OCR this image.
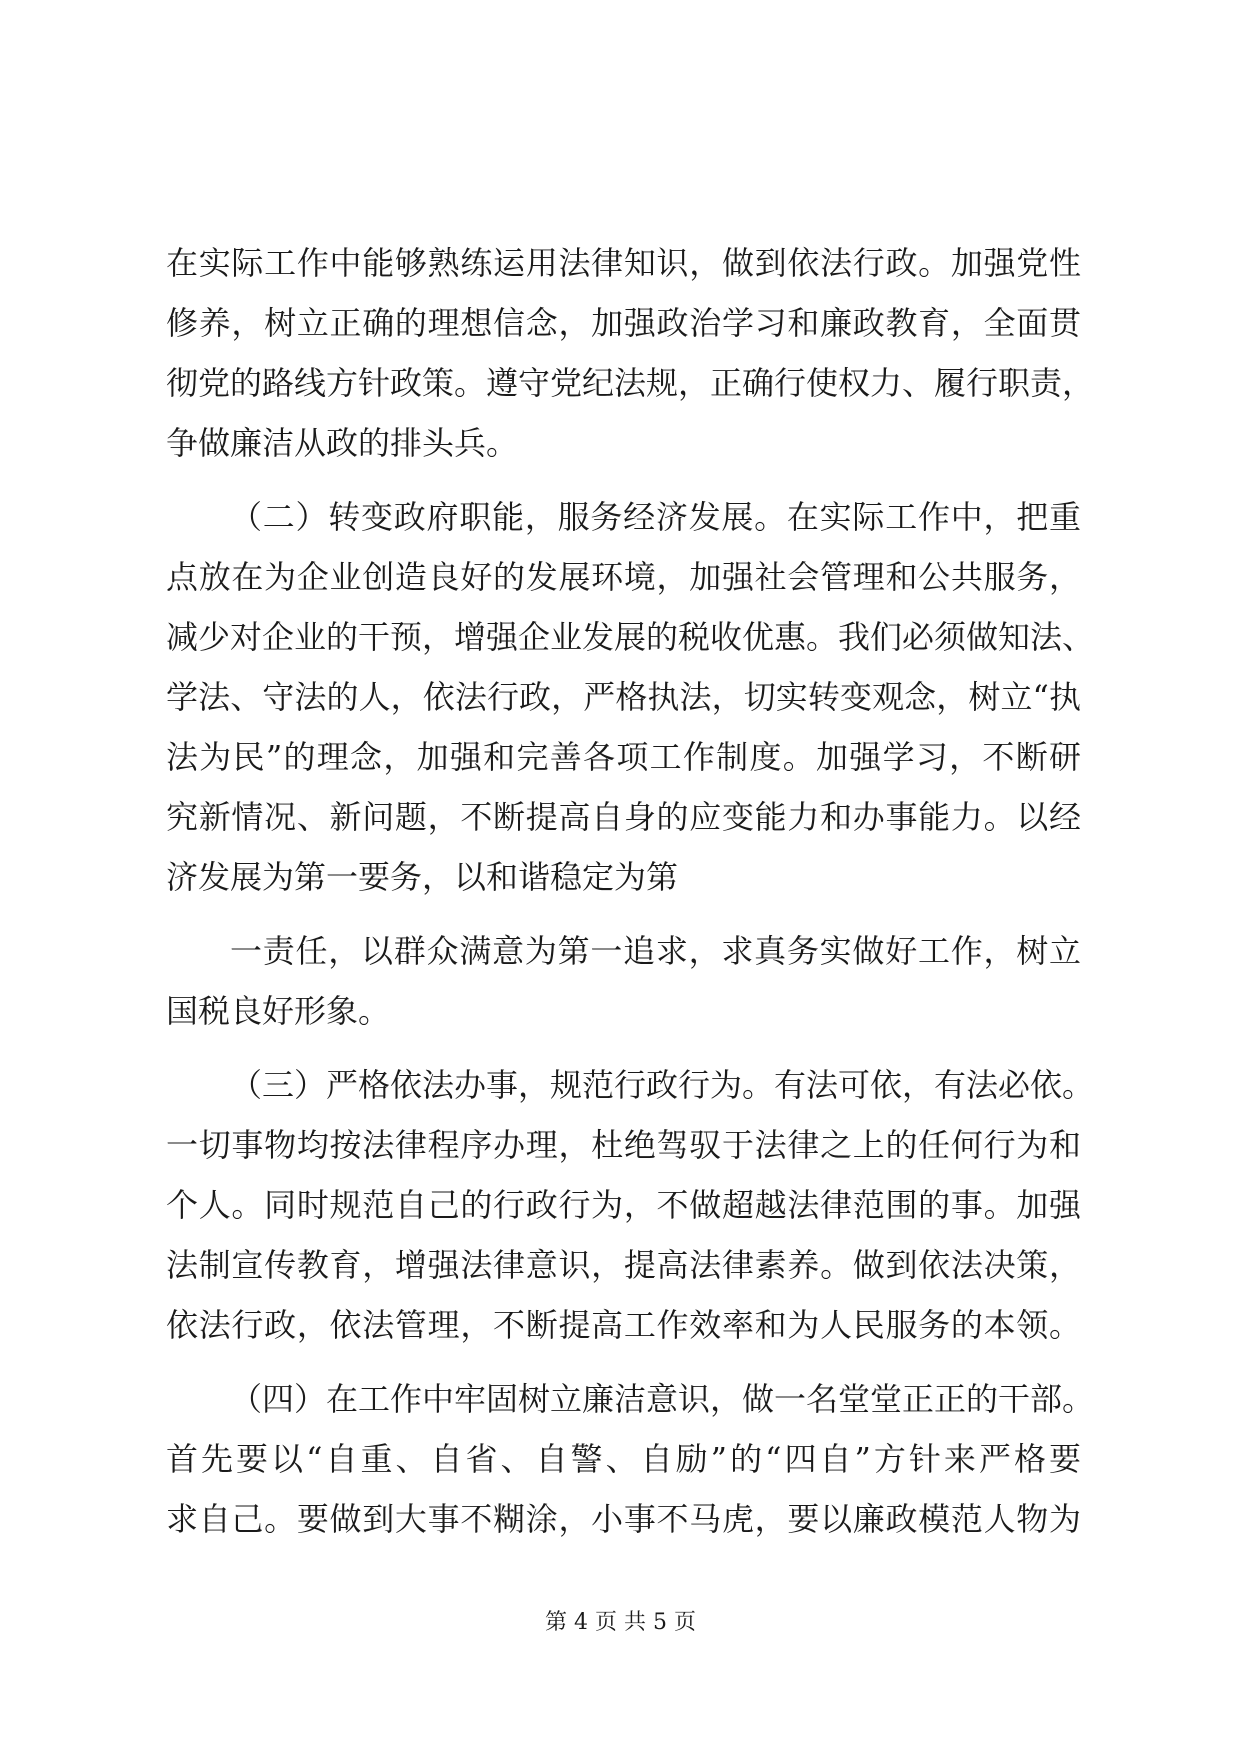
在实际工作中能够熟练运用法律知识，做到依法行政。加强党性
修养，树立正确的理想信念，加强政治学习和廉政教育，全面贯
彻党的路线方针政策。遵守党纪法规，正确行使权力、履行职责，
争做廉洁从政的排头兵。
（二）转变政府职能，服务经济发展。在实际工作中，把重
点放在为企业创造良好的发展环境，加强社会管理和公共服务，
减少对企业的干预，增强企业发展的税收优惠。我们必须做知法、
学法、守法的人，依法行政，严格执法，切实转变观念，树立“执
法为民”的理念，加强和完善各项工作制度。加强学习，不断研
究新情况、新问题，不断提高自身的应变能力和办事能力。以经
济发展为第一要务，以和谐稳定为第
一责任，以群众满意为第一追求，求真务实做好工作，树立
国税良好形象。
（三）严格依法办事，规范行政行为。有法可依，有法必依。
一切事物均按法律程序办理，杜绝驾驭于法律之上的任何行为和
个人。同时规范自己的行政行为，不做超越法律范围的事。加强
法制宣传教育，增强法律意识，提高法律素养。做到依法决策，
依法行政，依法管理，不断提高工作效率和为人民服务的本领。
（四）在工作中牢固树立廉洁意识，做一名堂堂正正的干部。
首先要以“自重、自省、自警、自励”的“四自”方针来严格要
求自己。要做到大事不糊涂，小事不马虎，要以廉政模范人物为
第 4 页 共 5 页
